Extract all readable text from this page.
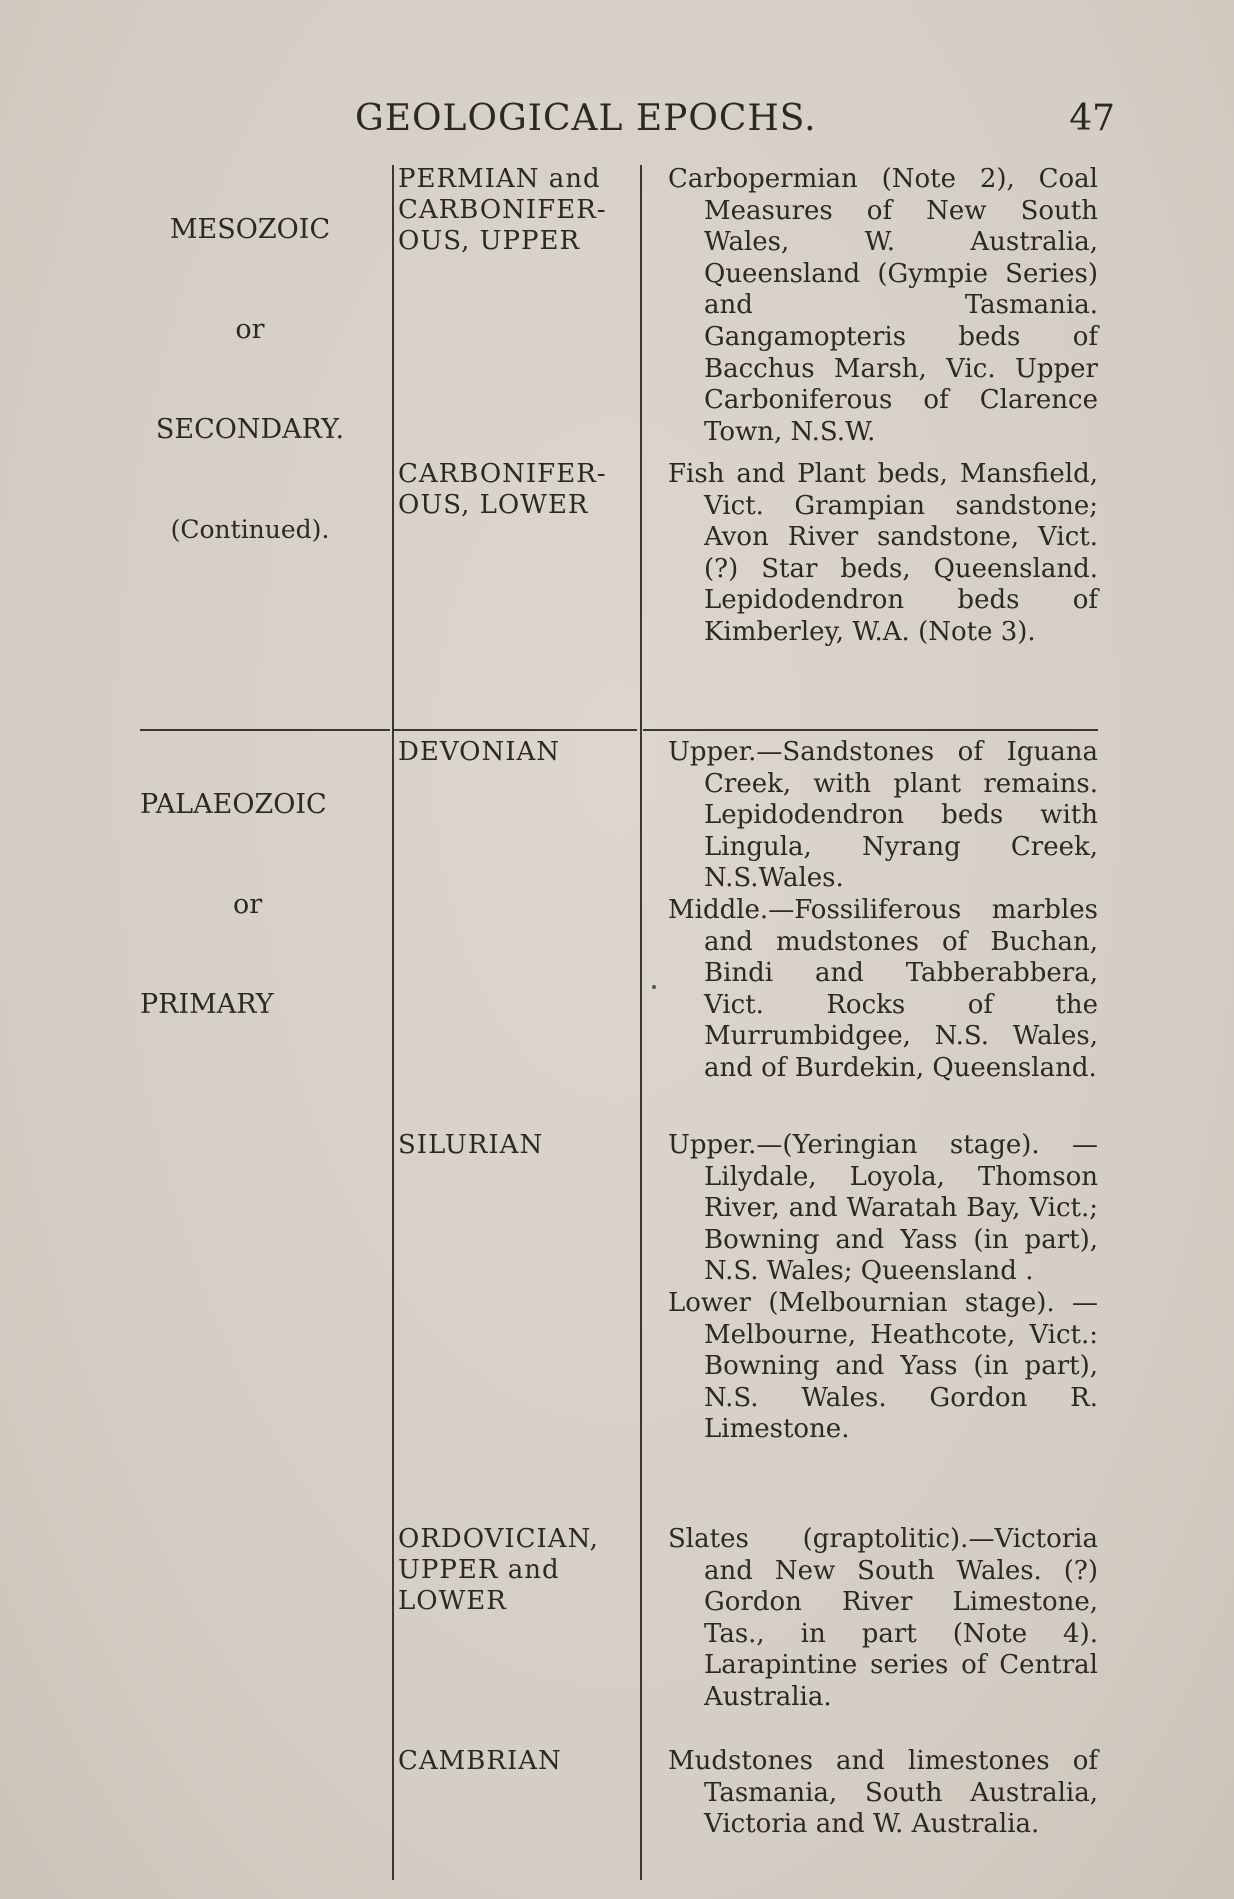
GEOLOGICAL EPOCHS.	47

MESOZOIC

or

SECONDARY.

(Continued).

PALAEOZOIC

or

PRIMARY

PERMIAN and CARBONIFER-OUS, UPPER
CARBONIFER-OUS, LOWER
DEVONIAN
SILURIAN
ORDOVICIAN, UPPER and LOWER
CAMBRIAN

Carbopermian (Note 2), Coal Measures of New South Wales, W. Australia, Queensland (Gympie Series) and Tasmania. Gangamopteris beds of Bacchus Marsh, Vic. Upper Carboniferous of Clarence Town, N.S.W.

Fish and Plant beds, Mansfield, Vict. Grampian sandstone; Avon River sandstone, Vict. (?) Star beds, Queensland. Lepidodendron beds of Kimberley, W.A. (Note 3).

Upper.—Sandstones of Iguana Creek, with plant remains. Lepidodendron beds with Lingula, Nyrang Creek, N.S.Wales.

Middle.—Fossiliferous marbles and mudstones of Buchan, Bindi and Tabberabbera, Vict. Rocks of the Murrumbidgee, N.S. Wales, and of Burdekin, Queensland.

Upper.—(Yeringian stage). —Lilydale, Loyola, Thomson River, and Waratah Bay, Vict.; Bowning and Yass (in part), N.S. Wales; Queensland .

Lower (Melbournian stage). — Melbourne, Heathcote, Vict.: Bowning and Yass (in part), N.S. Wales. Gordon R. Limestone.

Slates (graptolitic).—Victoria and New South Wales. (?) Gordon River Limestone, Tas., in part (Note 4). Larapintine series of Central Australia.

Mudstones and limestones of Tasmania, South Australia, Victoria and W. Australia.
